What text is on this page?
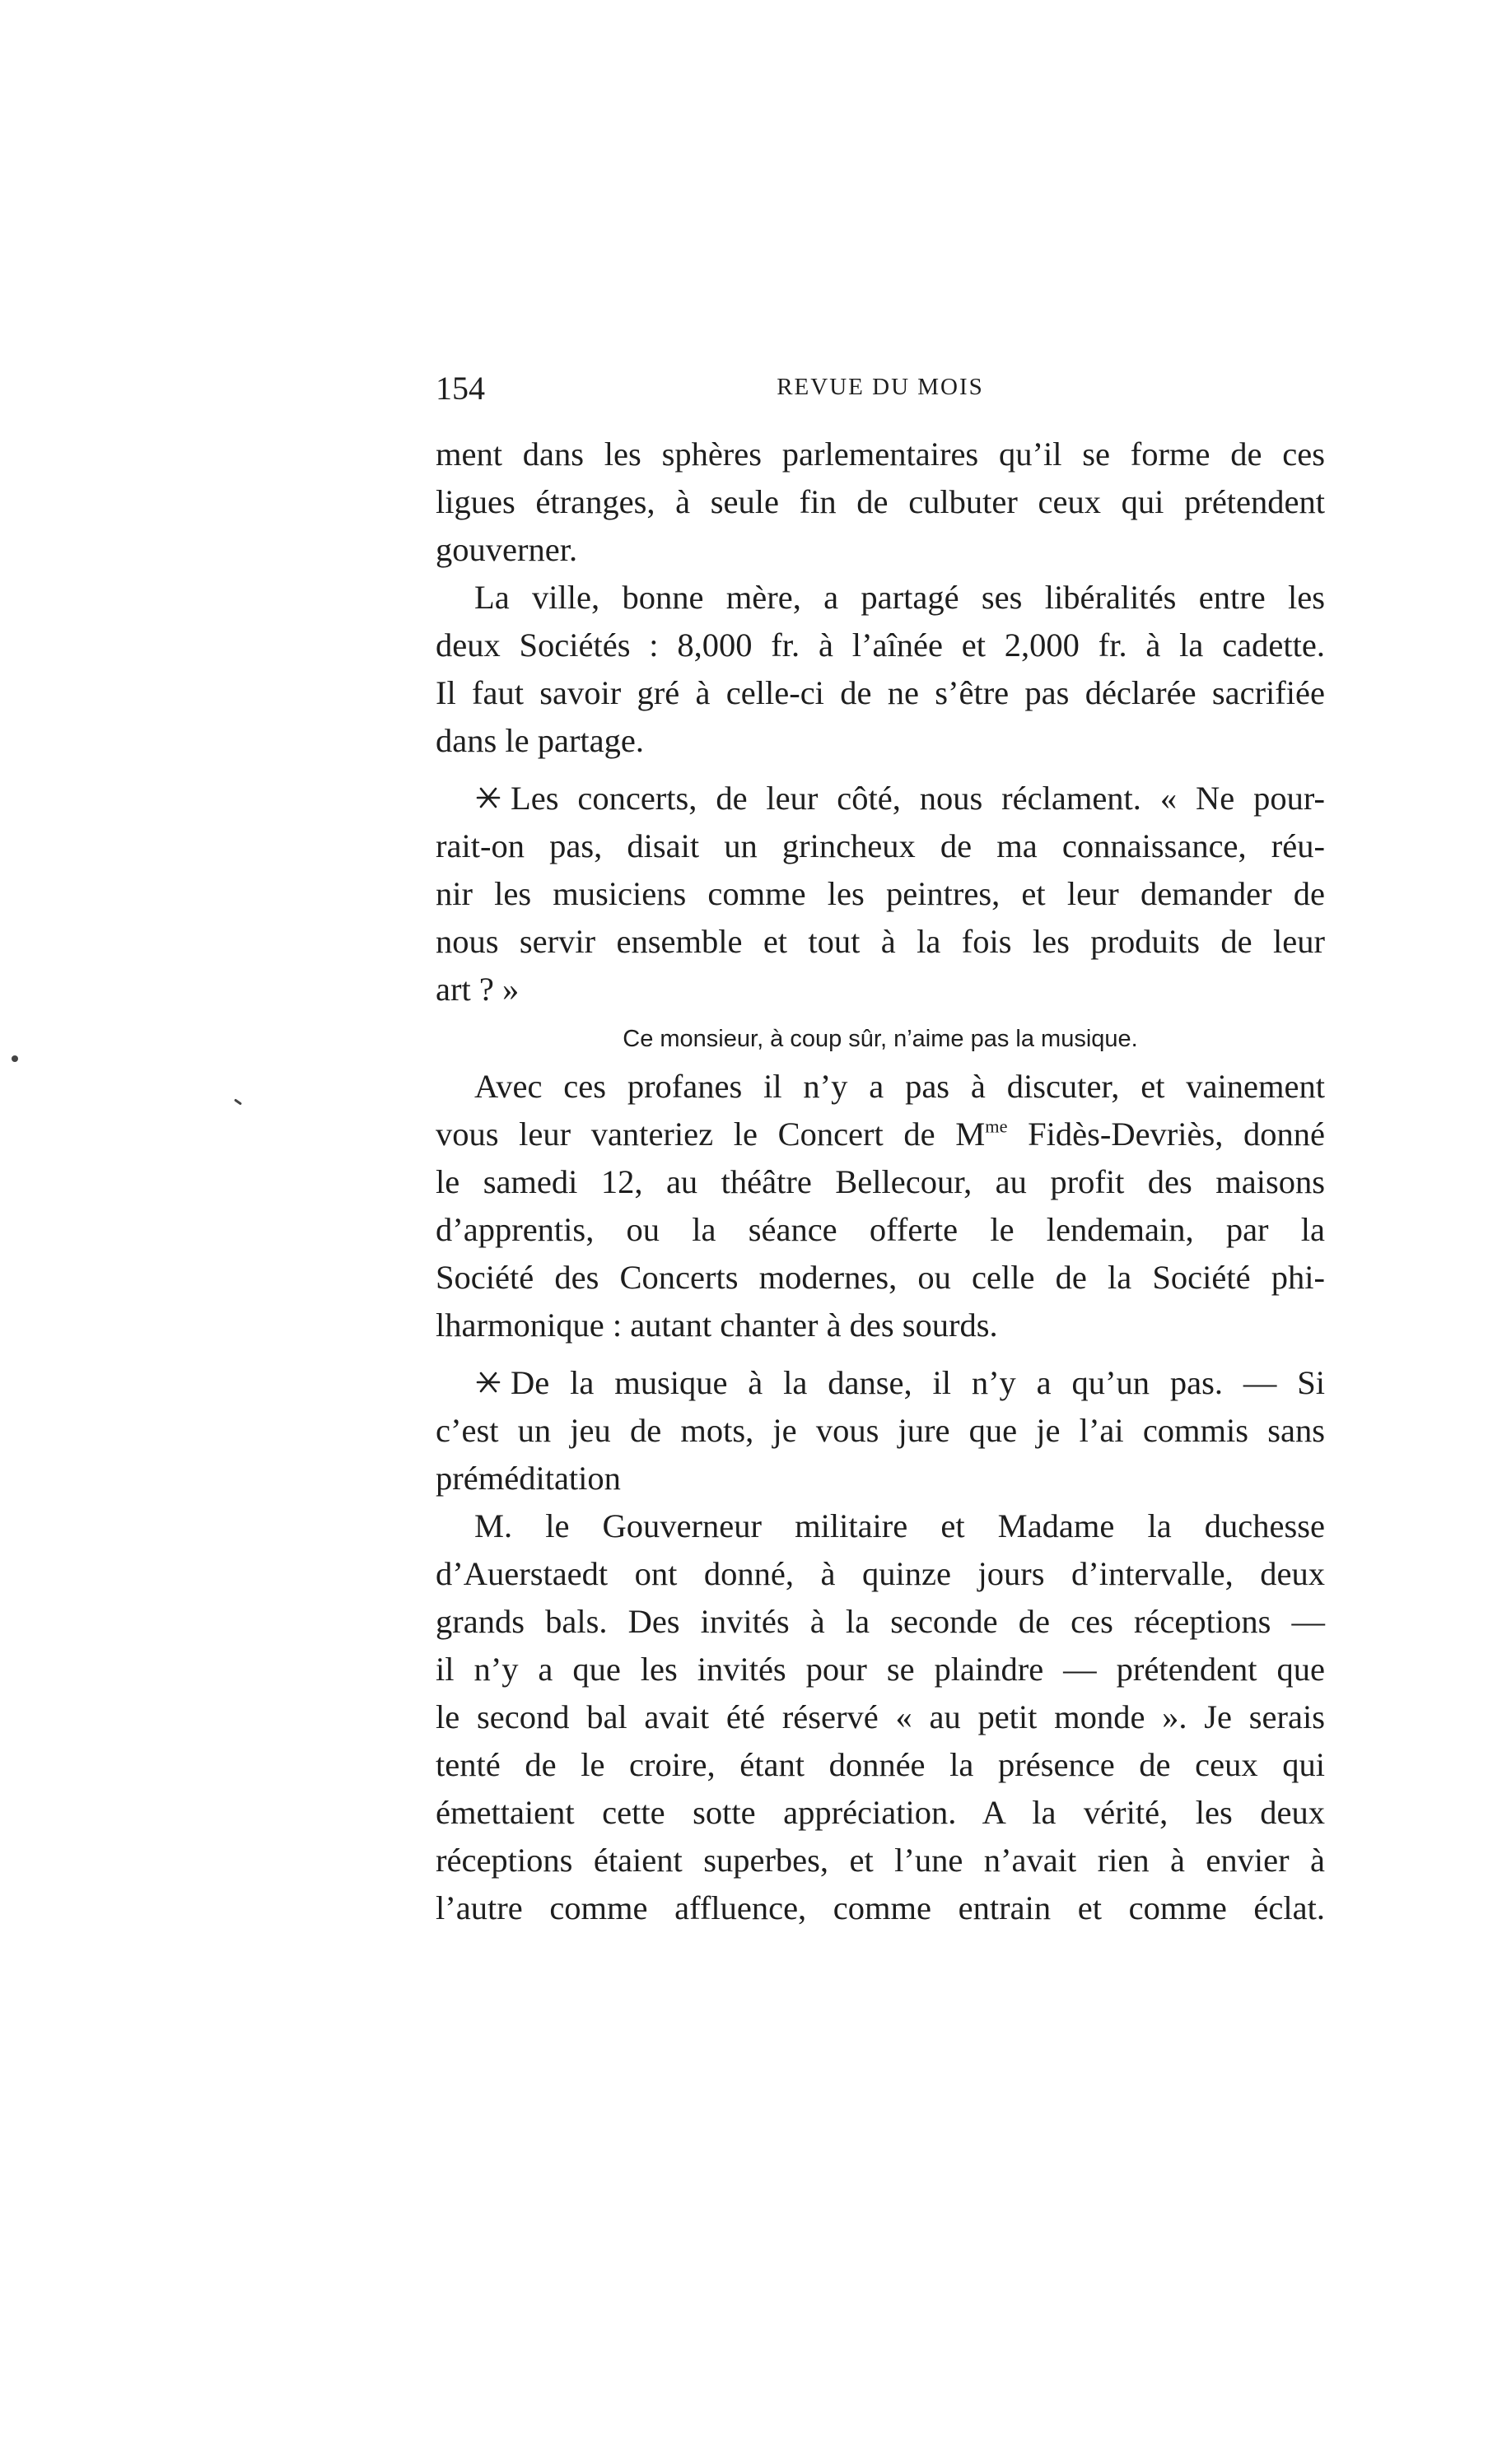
154	REVUE DU MOIS
ment dans les sphères parlementaires qu’il se forme de ces
ligues étranges, à seule fin de culbuter ceux qui prétendent
gouverner.
La ville, bonne mère, a partagé ses libéralités entre les
deux Sociétés : 8,000 fr. à l’aînée et 2,000 fr. à la cadette.
Il faut savoir gré à celle-ci de ne s’être pas déclarée sacrifiée
dans le partage.
Les concerts, de leur côté, nous réclament. « Ne pour-
rait-on pas, disait un grincheux de ma connaissance, réu-
nir les musiciens comme les peintres, et leur demander de
nous servir ensemble et tout à la fois les produits de leur
art ? »
Ce monsieur, à coup sûr, n’aime pas la musique.
Avec ces profanes il n’y a pas à discuter, et vainement
vous leur vanteriez le Concert de $M^{me}$ Fidès-Devriès, donné
le samedi 12, au théâtre Bellecour, au profit des maisons
d’apprentis, ou la séance offerte le lendemain, par la
Société des Concerts modernes, ou celle de la Société phi-
lharmonique : autant chanter à des sourds.
De la musique à la danse, il n’y a qu’un pas. — Si
c’est un jeu de mots, je vous jure que je l’ai commis sans
préméditation
M. le Gouverneur militaire et Madame la duchesse
d’Auerstaedt ont donné, à quinze jours d’intervalle, deux
grands bals. Des invités à la seconde de ces réceptions —
il n’y a que les invités pour se plaindre — prétendent que
le second bal avait été réservé « au petit monde ». Je serais
tenté de le croire, étant donnée la présence de ceux qui
émettaient cette sotte appréciation. A la vérité, les deux
réceptions étaient superbes, et l’une n’avait rien à envier à
l’autre comme affluence, comme entrain et comme éclat.
